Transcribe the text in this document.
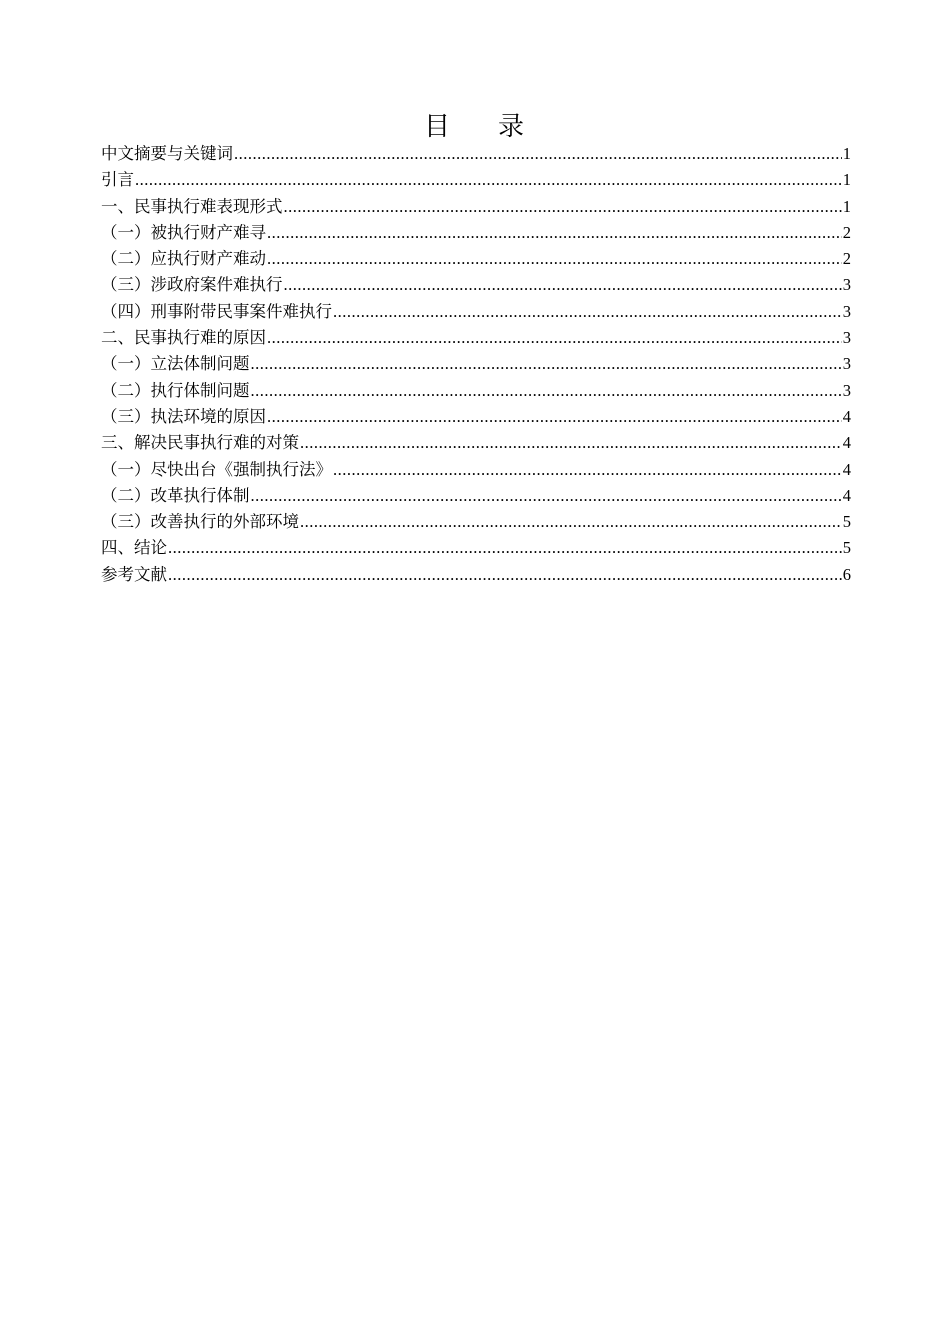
目 录
中文摘要与关键词 .....	1
引言 .....	1
一、民事执行难表现形式 .....	1
（一）被执行财产难寻 .....	2
（二）应执行财产难动 .....	2
（三）涉政府案件难执行 .....	3
（四）刑事附带民事案件难执行 .....	3
二、民事执行难的原因 .....	3
（一）立法体制问题 .....	3
（二）执行体制问题 .....	3
（三）执法环境的原因 .....	4
三、解决民事执行难的对策 .....	4
（一）尽快出台《强制执行法》 .....	4
（二）改革执行体制 .....	4
（三）改善执行的外部环境 .....	5
四、结论 .....	5
参考文献 .....	6
